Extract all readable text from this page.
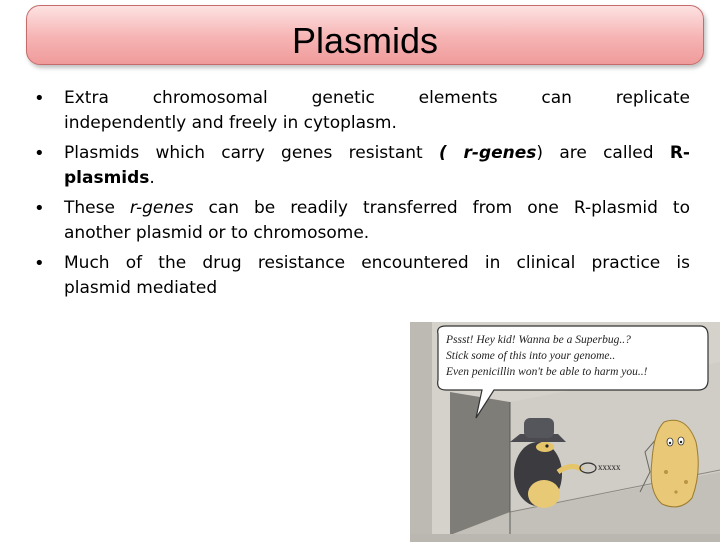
Plasmids
• Extra chromosomal genetic elements can replicate
independently and freely in cytoplasm.
• Plasmids which carry genes resistant ( r-genes) are called R-
plasmids.
• These r-genes can be readily transferred from one R-plasmid to
another plasmid or to chromosome.
• Much of the drug resistance encountered in clinical practice is
plasmid mediated
xxxxx
Pssst! Hey kid! Wanna be a Superbug..?
Stick some of this into your genome..
Even penicillin won't be able to harm you..!
